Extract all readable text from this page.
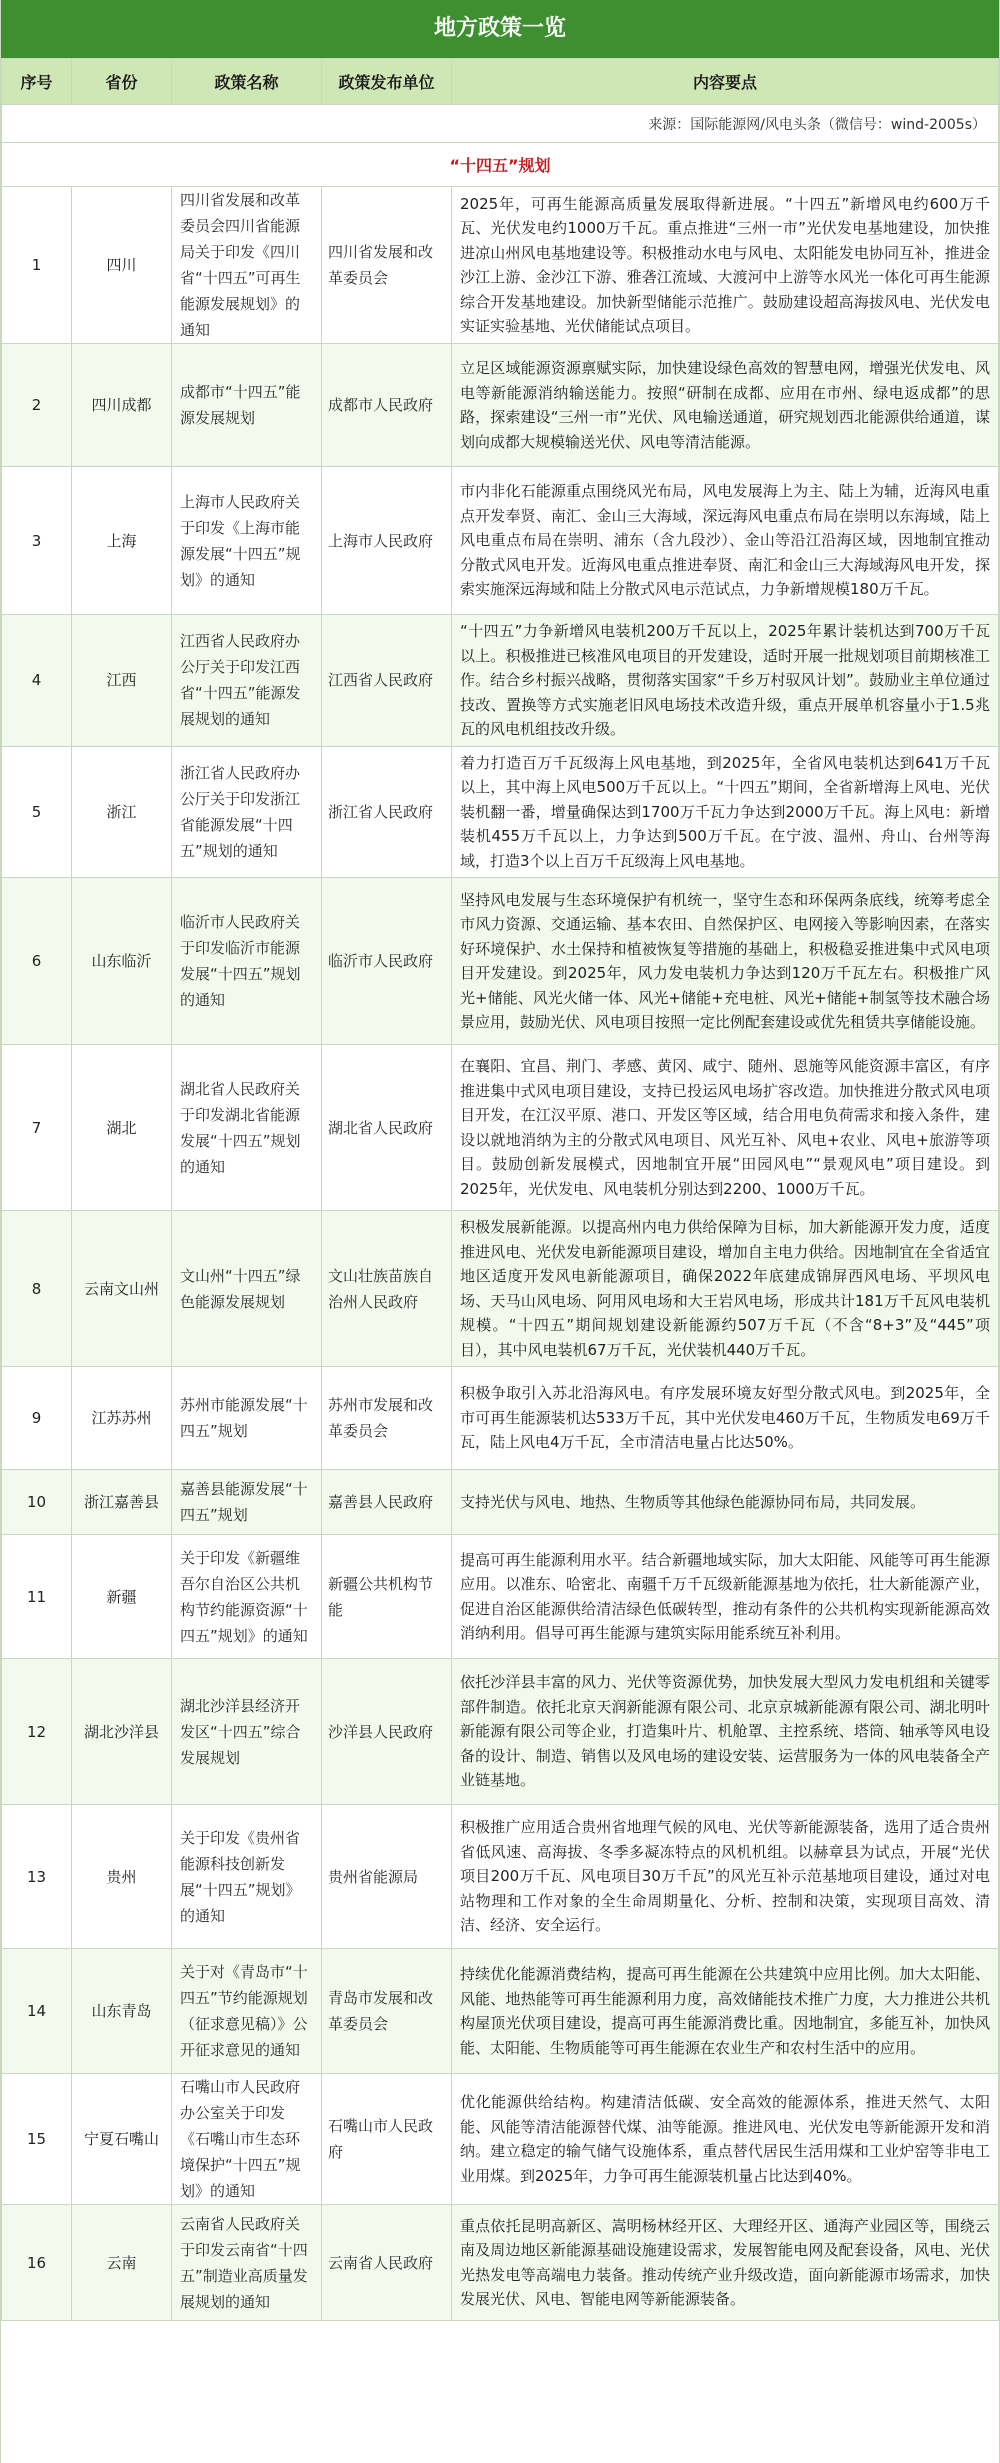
地方政策一览
序号	省份	政策名称	政策发布单位	内容要点
来源：国际能源网/风电头条（微信号：wind-2005s）				
“十四五”规划				
1	四川	四川省发展和改革委员会四川省能源局关于印发《四川省“十四五”可再生能源发展规划》的通知	四川省发展和改革委员会	2025年，可再生能源高质量发展取得新进展。“十四五”新增风电约600万千瓦、光伏发电约1000万千瓦。重点推进“三州一市”光伏发电基地建设，加快推进凉山州风电基地建设等。积极推动水电与风电、太阳能发电协同互补，推进金沙江上游、金沙江下游、雅砻江流域、大渡河中上游等水风光一体化可再生能源综合开发基地建设。加快新型储能示范推广。鼓励建设超高海拔风电、光伏发电实证实验基地、光伏储能试点项目。
2	四川成都	成都市“十四五”能源发展规划	成都市人民政府	立足区域能源资源禀赋实际，加快建设绿色高效的智慧电网，增强光伏发电、风电等新能源消纳输送能力。按照“研制在成都、应用在市州、绿电返成都”的思路，探索建设“三州一市”光伏、风电输送通道，研究规划西北能源供给通道，谋划向成都大规模输送光伏、风电等清洁能源。
3	上海	上海市人民政府关于印发《上海市能源发展“十四五”规划》的通知	上海市人民政府	市内非化石能源重点围绕风光布局，风电发展海上为主、陆上为辅，近海风电重点开发奉贤、南汇、金山三大海域，深远海风电重点布局在崇明以东海域，陆上风电重点布局在崇明、浦东（含九段沙）、金山等沿江沿海区域，因地制宜推动分散式风电开发。近海风电重点推进奉贤、南汇和金山三大海域海风电开发，探索实施深远海域和陆上分散式风电示范试点，力争新增规模180万千瓦。
4	江西	江西省人民政府办公厅关于印发江西省“十四五”能源发展规划的通知	江西省人民政府	“十四五”力争新增风电装机200万千瓦以上，2025年累计装机达到700万千瓦以上。积极推进已核准风电项目的开发建设，适时开展一批规划项目前期核准工作。结合乡村振兴战略，贯彻落实国家“千乡万村驭风计划”。鼓励业主单位通过技改、置换等方式实施老旧风电场技术改造升级，重点开展单机容量小于1.5兆瓦的风电机组技改升级。
5	浙江	浙江省人民政府办公厅关于印发浙江省能源发展“十四五”规划的通知	浙江省人民政府	着力打造百万千瓦级海上风电基地，到2025年，全省风电装机达到641万千瓦以上，其中海上风电500万千瓦以上。“十四五”期间，全省新增海上风电、光伏装机翻一番，增量确保达到1700万千瓦力争达到2000万千瓦。海上风电：新增装机455万千瓦以上，力争达到500万千瓦。在宁波、温州、舟山、台州等海域，打造3个以上百万千瓦级海上风电基地。
6	山东临沂	临沂市人民政府关于印发临沂市能源发展“十四五”规划的通知	临沂市人民政府	坚持风电发展与生态环境保护有机统一，坚守生态和环保两条底线，统筹考虑全市风力资源、交通运输、基本农田、自然保护区、电网接入等影响因素，在落实好环境保护、水土保持和植被恢复等措施的基础上，积极稳妥推进集中式风电项目开发建设。到2025年，风力发电装机力争达到120万千瓦左右。积极推广风光+储能、风光火储一体、风光+储能+充电桩、风光+储能+制氢等技术融合场景应用，鼓励光伏、风电项目按照一定比例配套建设或优先租赁共享储能设施。
7	湖北	湖北省人民政府关于印发湖北省能源发展“十四五”规划的通知	湖北省人民政府	在襄阳、宜昌、荆门、孝感、黄冈、咸宁、随州、恩施等风能资源丰富区，有序推进集中式风电项目建设，支持已投运风电场扩容改造。加快推进分散式风电项目开发，在江汉平原、港口、开发区等区域，结合用电负荷需求和接入条件，建设以就地消纳为主的分散式风电项目、风光互补、风电+农业、风电+旅游等项目。鼓励创新发展模式，因地制宜开展“田园风电”“景观风电”项目建设。到2025年，光伏发电、风电装机分别达到2200、1000万千瓦。
8	云南文山州	文山州“十四五”绿色能源发展规划	文山壮族苗族自治州人民政府	积极发展新能源。以提高州内电力供给保障为目标，加大新能源开发力度，适度推进风电、光伏发电新能源项目建设，增加自主电力供给。因地制宜在全省适宜地区适度开发风电新能源项目，确保2022年底建成锦屏西风电场、平坝风电场、天马山风电场、阿用风电场和大王岩风电场，形成共计181万千瓦风电装机规模。“十四五”期间规划建设新能源约507万千瓦（不含“8+3”及“445”项目），其中风电装机67万千瓦，光伏装机440万千瓦。
9	江苏苏州	苏州市能源发展“十四五”规划	苏州市发展和改革委员会	积极争取引入苏北沿海风电。有序发展环境友好型分散式风电。到2025年，全市可再生能源装机达533万千瓦，其中光伏发电460万千瓦，生物质发电69万千瓦，陆上风电4万千瓦，全市清洁电量占比达50%。
10	浙江嘉善县	嘉善县能源发展“十四五”规划	嘉善县人民政府	支持光伏与风电、地热、生物质等其他绿色能源协同布局，共同发展。
11	新疆	关于印发《新疆维吾尔自治区公共机构节约能源资源“十四五”规划》的通知	新疆公共机构节能	提高可再生能源利用水平。结合新疆地域实际，加大太阳能、风能等可再生能源应用。以准东、哈密北、南疆千万千瓦级新能源基地为依托，壮大新能源产业，促进自治区能源供给清洁绿色低碳转型，推动有条件的公共机构实现新能源高效消纳利用。倡导可再生能源与建筑实际用能系统互补利用。
12	湖北沙洋县	湖北沙洋县经济开发区“十四五”综合发展规划	沙洋县人民政府	依托沙洋县丰富的风力、光伏等资源优势，加快发展大型风力发电机组和关键零部件制造。依托北京天润新能源有限公司、北京京城新能源有限公司、湖北明叶新能源有限公司等企业，打造集叶片、机舱罩、主控系统、塔筒、轴承等风电设备的设计、制造、销售以及风电场的建设安装、运营服务为一体的风电装备全产业链基地。
13	贵州	关于印发《贵州省能源科技创新发展“十四五”规划》的通知	贵州省能源局	积极推广应用适合贵州省地理气候的风电、光伏等新能源装备，选用了适合贵州省低风速、高海拔、冬季多凝冻特点的风机机组。以赫章县为试点，开展“光伏项目200万千瓦、风电项目30万千瓦”的风光互补示范基地项目建设，通过对电站物理和工作对象的全生命周期量化、分析、控制和决策，实现项目高效、清洁、经济、安全运行。
14	山东青岛	关于对《青岛市“十四五”节约能源规划（征求意见稿）》公开征求意见的通知	青岛市发展和改革委员会	持续优化能源消费结构，提高可再生能源在公共建筑中应用比例。加大太阳能、风能、地热能等可再生能源利用力度，高效储能技术推广力度，大力推进公共机构屋顶光伏项目建设，提高可再生能源消费比重。因地制宜，多能互补，加快风能、太阳能、生物质能等可再生能源在农业生产和农村生活中的应用。
15	宁夏石嘴山	石嘴山市人民政府办公室关于印发《石嘴山市生态环境保护“十四五”规划》的通知	石嘴山市人民政府	优化能源供给结构。构建清洁低碳、安全高效的能源体系，推进天然气、太阳能、风能等清洁能源替代煤、油等能源。推进风电、光伏发电等新能源开发和消纳。建立稳定的输气储气设施体系，重点替代居民生活用煤和工业炉窑等非电工业用煤。到2025年，力争可再生能源装机量占比达到40%。
16	云南	云南省人民政府关于印发云南省“十四五”制造业高质量发展规划的通知	云南省人民政府	重点依托昆明高新区、嵩明杨林经开区、大理经开区、通海产业园区等，围绕云南及周边地区新能源基础设施建设需求，发展智能电网及配套设备，风电、光伏光热发电等高端电力装备。推动传统产业升级改造，面向新能源市场需求，加快发展光伏、风电、智能电网等新能源装备。
